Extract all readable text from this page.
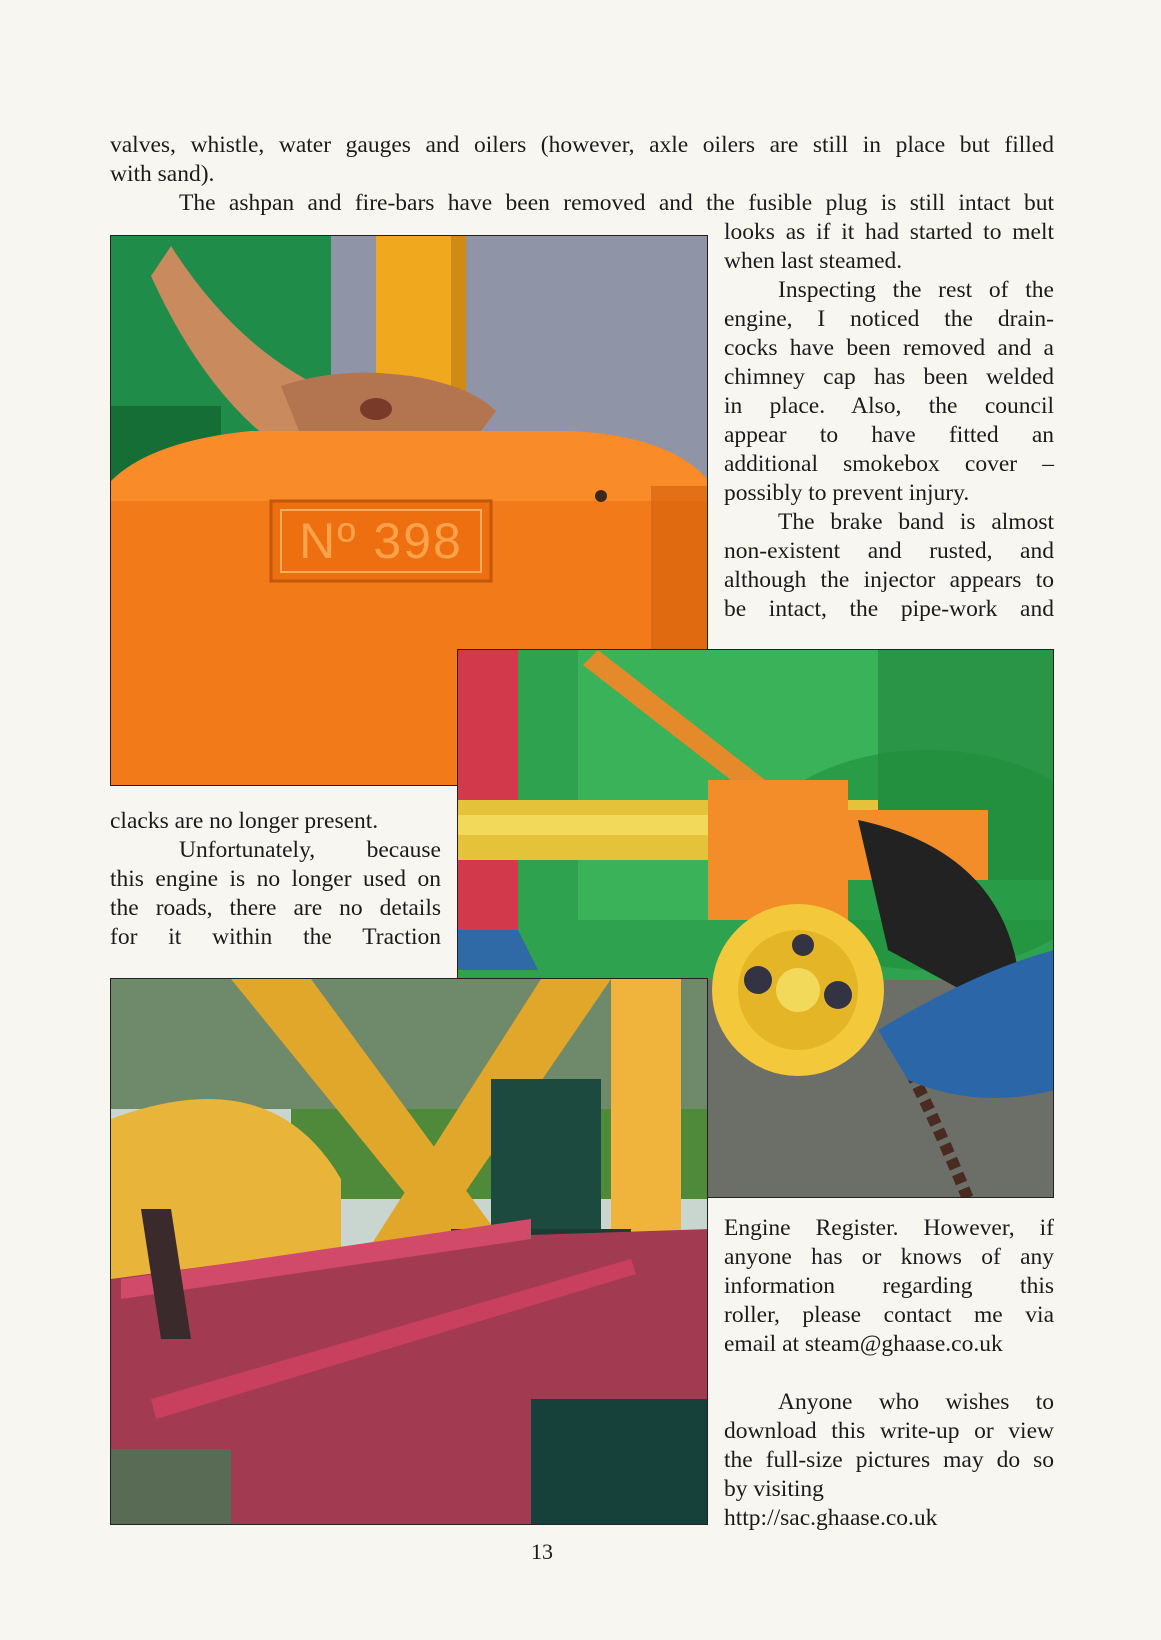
valves, whistle, water gauges and oilers (however, axle oilers are still in place but filled

with sand).

The ashpan and fire-bars have been removed and the fusible plug is still intact but

looks as if it had started to melt

when last steamed.

Inspecting the rest of the

engine, I noticed the drain-

cocks have been removed and a

chimney cap has been welded

in place. Also, the council

appear to have fitted an

additional smokebox cover –

possibly to prevent injury.

The brake band is almost

non-existent and rusted, and

although the injector appears to

be intact, the pipe-work and

clacks are no longer present.

Unfortunately, because

this engine is no longer used on

the roads, there are no details

for it within the Traction

Engine Register. However, if

anyone has or knows of any

information regarding this

roller, please contact me via

email at steam@ghaase.co.uk

Anyone who wishes to

download this write-up or view

the full-size pictures may do so

by visiting

http://sac.ghaase.co.uk

Nº 398
13
